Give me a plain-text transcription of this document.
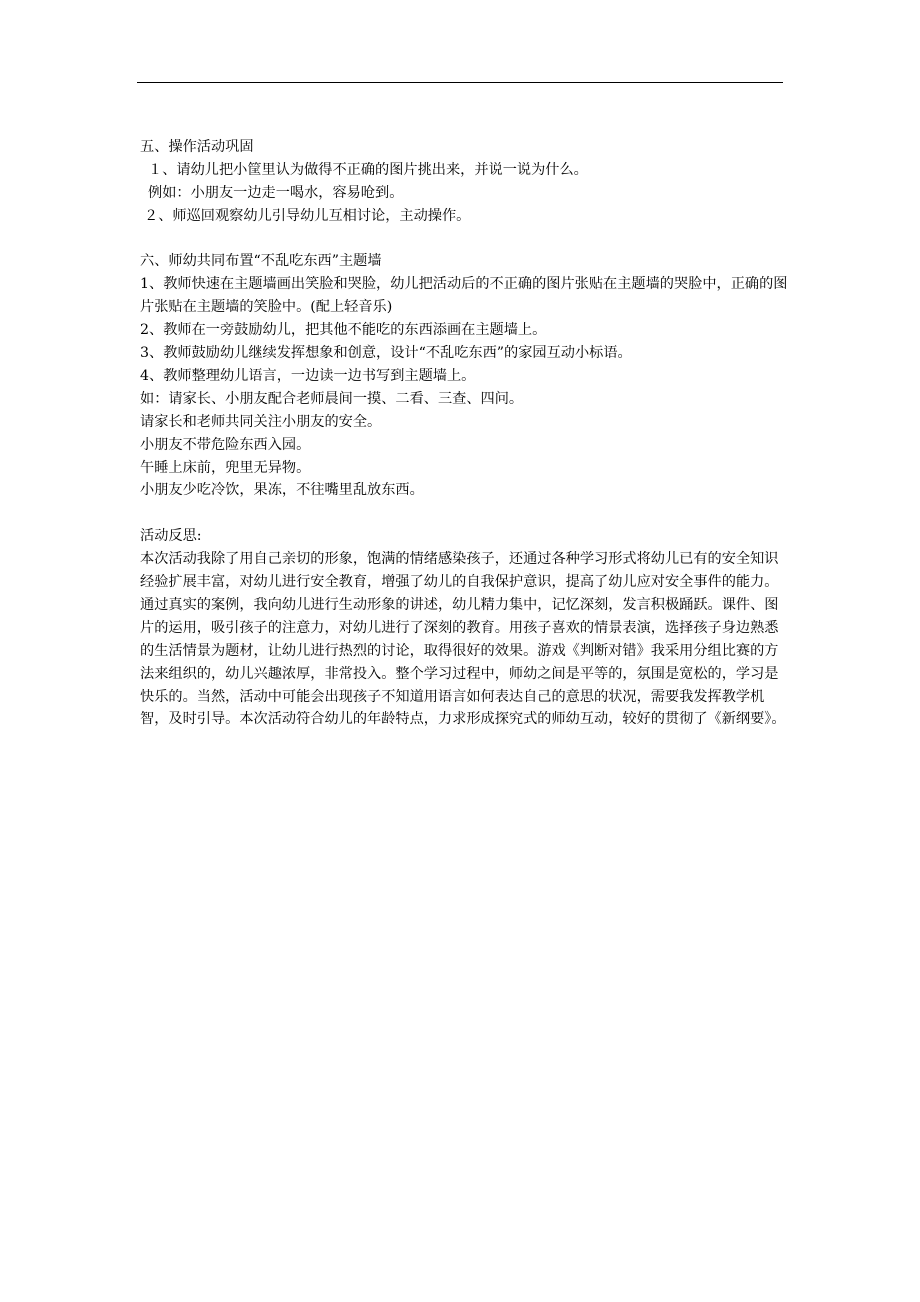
五、操作活动巩固
１、请幼儿把小筐里认为做得不正确的图片挑出来，并说一说为什么。
例如：小朋友一边走一喝水，容易呛到。
２、师巡回观察幼儿引导幼儿互相讨论，主动操作。
六、师幼共同布置“不乱吃东西”主题墙
1、教师快速在主题墙画出笑脸和哭脸，幼儿把活动后的不正确的图片张贴在主题墙的哭脸中，正确的图片张贴在主题墙的笑脸中。(配上轻音乐)
2、教师在一旁鼓励幼儿，把其他不能吃的东西添画在主题墙上。
3、教师鼓励幼儿继续发挥想象和创意，设计“不乱吃东西”的家园互动小标语。
4、教师整理幼儿语言，一边读一边书写到主题墙上。
如：请家长、小朋友配合老师晨间一摸、二看、三查、四问。
请家长和老师共同关注小朋友的安全。
小朋友不带危险东西入园。
午睡上床前，兜里无异物。
小朋友少吃冷饮，果冻，不往嘴里乱放东西。
活动反思:
本次活动我除了用自己亲切的形象，饱满的情绪感染孩子，还通过各种学习形式将幼儿已有的安全知识经验扩展丰富，对幼儿进行安全教育，增强了幼儿的自我保护意识，提高了幼儿应对安全事件的能力。通过真实的案例，我向幼儿进行生动形象的讲述，幼儿精力集中，记忆深刻，发言积极踊跃。课件、图片的运用，吸引孩子的注意力，对幼儿进行了深刻的教育。用孩子喜欢的情景表演，选择孩子身边熟悉的生活情景为题材，让幼儿进行热烈的讨论，取得很好的效果。游戏《判断对错》我采用分组比赛的方法来组织的，幼儿兴趣浓厚，非常投入。整个学习过程中，师幼之间是平等的，氛围是宽松的，学习是快乐的。当然，活动中可能会出现孩子不知道用语言如何表达自己的意思的状况，需要我发挥教学机智，及时引导。本次活动符合幼儿的年龄特点，力求形成探究式的师幼互动，较好的贯彻了《新纲要》。
